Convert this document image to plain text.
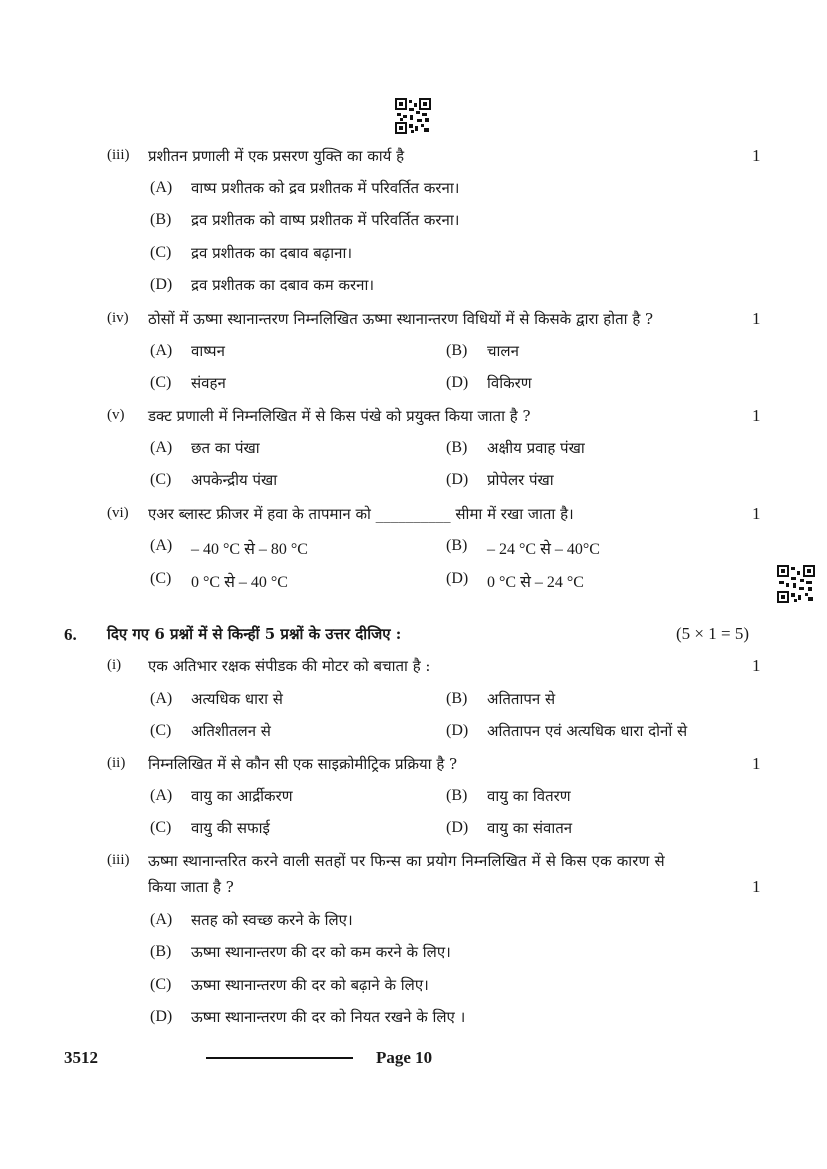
(iii) प्रशीतन प्रणाली में एक प्रसरण युक्ति का कार्य है	1
(A) वाष्प प्रशीतक को द्रव प्रशीतक में परिवर्तित करना।
(B) द्रव प्रशीतक को वाष्प प्रशीतक में परिवर्तित करना।
(C) द्रव प्रशीतक का दबाव बढ़ाना।
(D) द्रव प्रशीतक का दबाव कम करना।
(iv) ठोसों में ऊष्मा स्थानान्तरण निम्नलिखित ऊष्मा स्थानान्तरण विधियों में से किसके द्वारा होता है ?	1
(A) वाष्पन	(B) चालन
(C) संवहन	(D) विकिरण
(v) डक्ट प्रणाली में निम्नलिखित में से किस पंखे को प्रयुक्त किया जाता है ?	1
(A) छत का पंखा	(B) अक्षीय प्रवाह पंखा
(C) अपकेन्द्रीय पंखा	(D) प्रोपेलर पंखा
(vi) एअर ब्लास्ट फ्रीजर में हवा के तापमान को __________ सीमा में रखा जाता है।	1
(A) – 40 °C से – 80 °C	(B) – 24 °C से – 40°C
(C) 0 °C से – 40 °C	(D) 0 °C से – 24 °C
6. दिए गए 6 प्रश्नों में से किन्हीं 5 प्रश्नों के उत्तर दीजिए :	(5 × 1 = 5)
(i) एक अतिभार रक्षक संपीडक की मोटर को बचाता है :	1
(A) अत्यधिक धारा से	(B) अतितापन से
(C) अतिशीतलन से	(D) अतितापन एवं अत्यधिक धारा दोनों से
(ii) निम्नलिखित में से कौन सी एक साइक्रोमीट्रिक प्रक्रिया है ?	1
(A) वायु का आर्द्रीकरण	(B) वायु का वितरण
(C) वायु की सफाई	(D) वायु का संवातन
(iii) ऊष्मा स्थानान्तरित करने वाली सतहों पर फिन्स का प्रयोग निम्नलिखित में से किस एक कारण से
किया जाता है ?	1
(A) सतह को स्वच्छ करने के लिए।
(B) ऊष्मा स्थानान्तरण की दर को कम करने के लिए।
(C) ऊष्मा स्थानान्तरण की दर को बढ़ाने के लिए।
(D) ऊष्मा स्थानान्तरण की दर को नियत रखने के लिए ।
3512	Page 10
